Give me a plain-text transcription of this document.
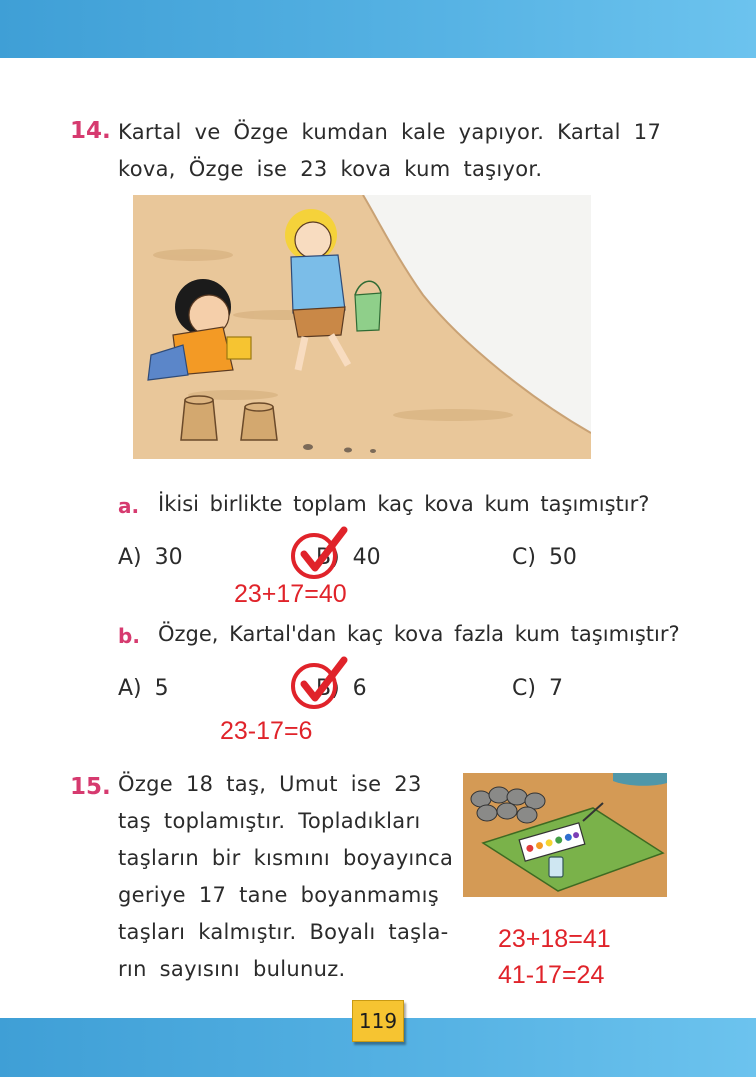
14. Kartal ve Özge kumdan kale yapıyor. Kartal 17
kova, Özge ise 23 kova kum taşıyor.
a. İkisi birlikte toplam kaç kova kum taşımıştır?
A) 30	B) 40	C) 50
23+17=40
b. Özge, Kartal'dan kaç kova fazla kum taşımıştır?
A) 5	B) 6	C) 7
23-17=6
15. Özge 18 taş, Umut ise 23
taş toplamıştır. Topladıkları
taşların bir kısmını boyayınca
geriye 17 tane boyanmamış
taşları kalmıştır. Boyalı taşla-
rın sayısını bulunuz.
23+18=41
41-17=24
119
